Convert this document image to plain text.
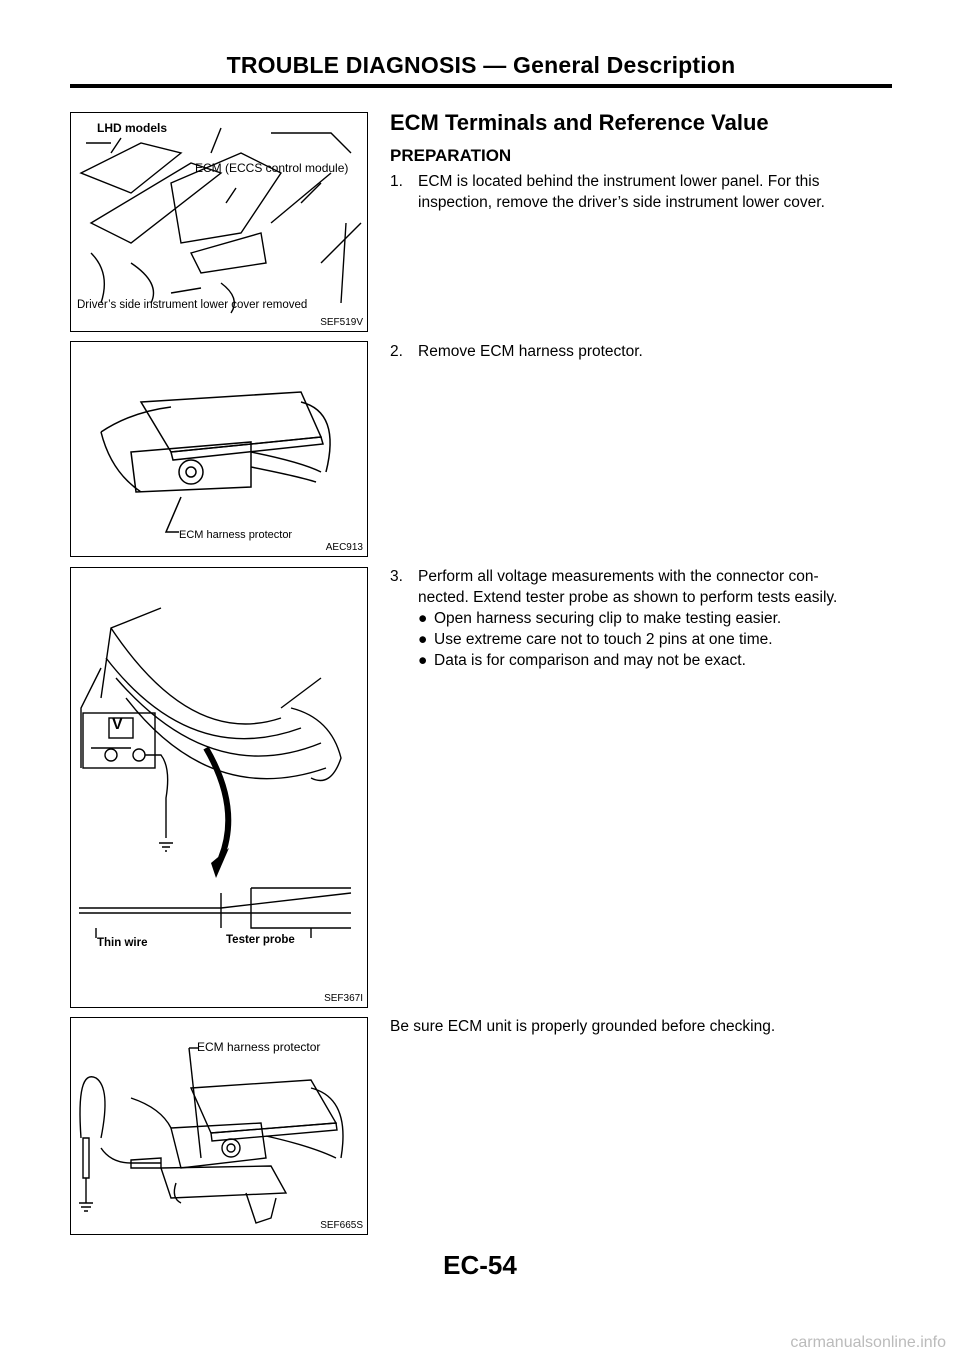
TROUBLE DIAGNOSIS — General Description
LHD models
ECM (ECCS control module)
Driver’s side instrument lower cover removed
SEF519V
ECM harness protector
AEC913
V
Thin wire	Tester probe
SEF367I
ECM harness protector
SEF665S
ECM Terminals and Reference Value
PREPARATION
1. ECM is located behind the instrument lower panel. For this
inspection, remove the driver’s side instrument lower cover.
2. Remove ECM harness protector.
3. Perform all voltage measurements with the connector con-
nected. Extend tester probe as shown to perform tests easily.
● Open harness securing clip to make testing easier.
● Use extreme care not to touch 2 pins at one time.
● Data is for comparison and may not be exact.
Be sure ECM unit is properly grounded before checking.
EC-54
carmanualsonline.info
